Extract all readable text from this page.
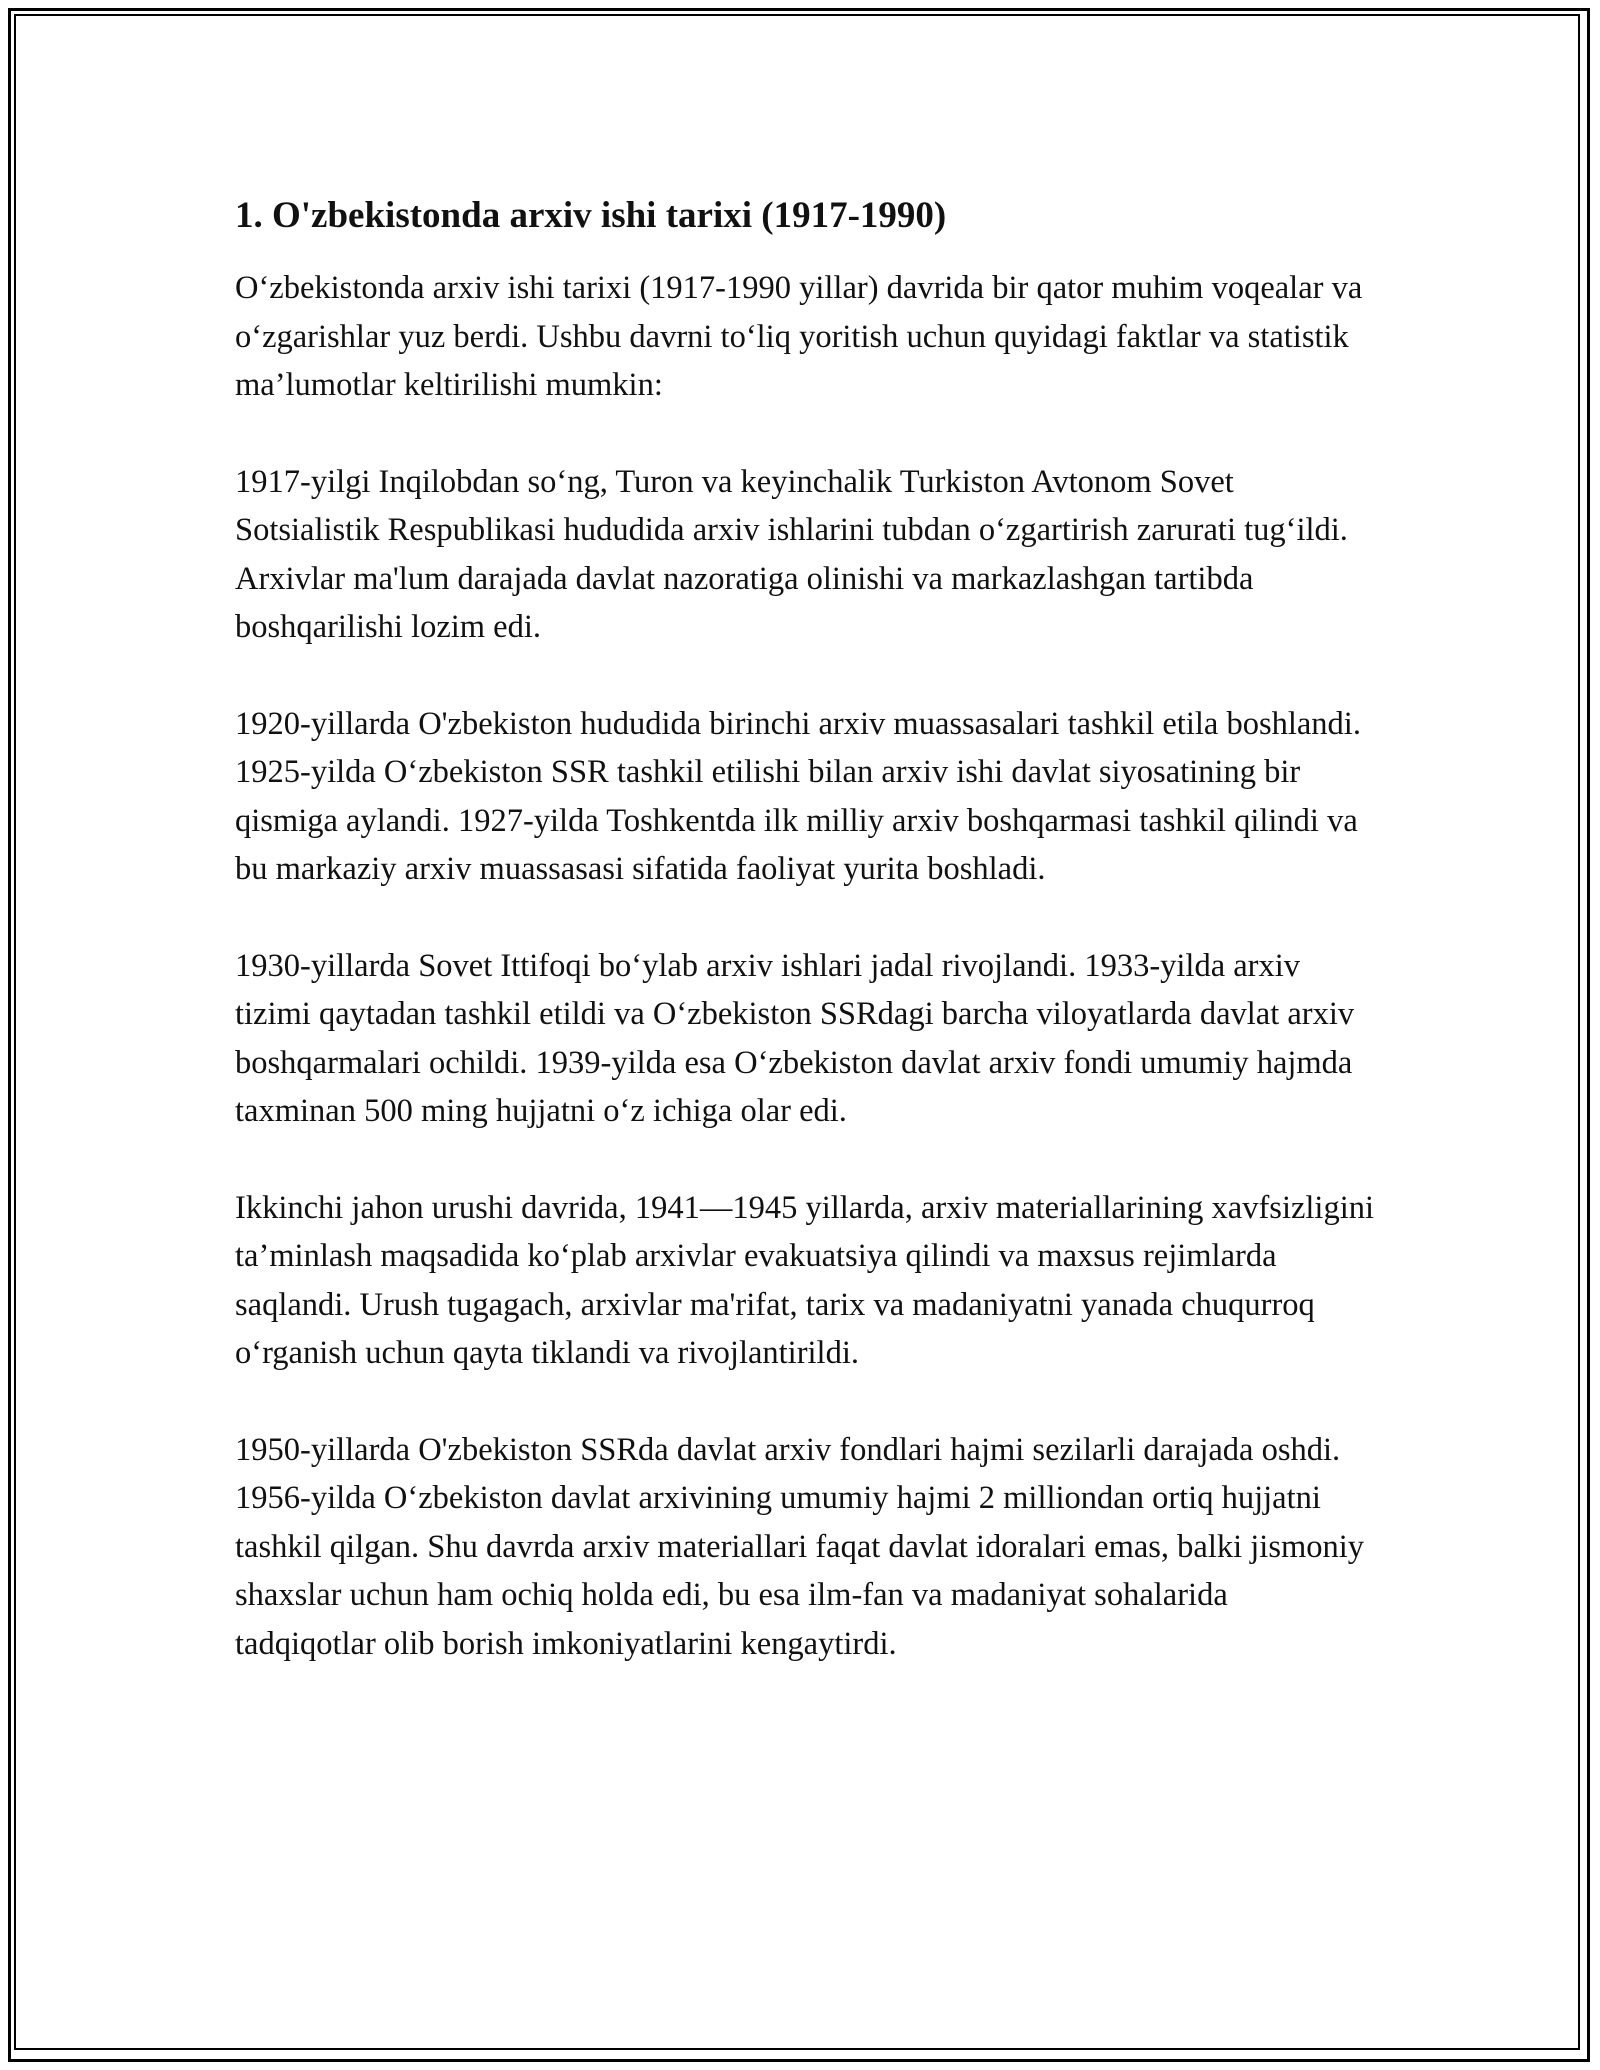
1. O'zbekistonda arxiv ishi tarixi (1917-1990)

O‘zbekistonda arxiv ishi tarixi (1917-1990 yillar) davrida bir qator muhim voqealar va o‘zgarishlar yuz berdi. Ushbu davrni to‘liq yoritish uchun quyidagi faktlar va statistik ma’lumotlar keltirilishi mumkin:

1917-yilgi Inqilobdan so‘ng, Turon va keyinchalik Turkiston Avtonom Sovet Sotsialistik Respublikasi hududida arxiv ishlarini tubdan o‘zgartirish zarurati tug‘ildi. Arxivlar ma'lum darajada davlat nazoratiga olinishi va markazlashgan tartibda boshqarilishi lozim edi.

1920-yillarda O'zbekiston hududida birinchi arxiv muassasalari tashkil etila boshlandi. 1925-yilda O‘zbekiston SSR tashkil etilishi bilan arxiv ishi davlat siyosatining bir qismiga aylandi. 1927-yilda Toshkentda ilk milliy arxiv boshqarmasi tashkil qilindi va bu markaziy arxiv muassasasi sifatida faoliyat yurita boshladi.

1930-yillarda Sovet Ittifoqi bo‘ylab arxiv ishlari jadal rivojlandi. 1933-yilda arxiv tizimi qaytadan tashkil etildi va O‘zbekiston SSRdagi barcha viloyatlarda davlat arxiv boshqarmalari ochildi. 1939-yilda esa O‘zbekiston davlat arxiv fondi umumiy hajmda taxminan 500 ming hujjatni o‘z ichiga olar edi.

Ikkinchi jahon urushi davrida, 1941—1945 yillarda, arxiv materiallarining xavfsizligini ta’minlash maqsadida ko‘plab arxivlar evakuatsiya qilindi va maxsus rejimlarda saqlandi. Urush tugagach, arxivlar ma'rifat, tarix va madaniyatni yanada chuqurroq o‘rganish uchun qayta tiklandi va rivojlantirildi.

1950-yillarda O'zbekiston SSRda davlat arxiv fondlari hajmi sezilarli darajada oshdi. 1956-yilda O‘zbekiston davlat arxivining umumiy hajmi 2 milliondan ortiq hujjatni tashkil qilgan. Shu davrda arxiv materiallari faqat davlat idoralari emas, balki jismoniy shaxslar uchun ham ochiq holda edi, bu esa ilm-fan va madaniyat sohalarida tadqiqotlar olib borish imkoniyatlarini kengaytirdi.
